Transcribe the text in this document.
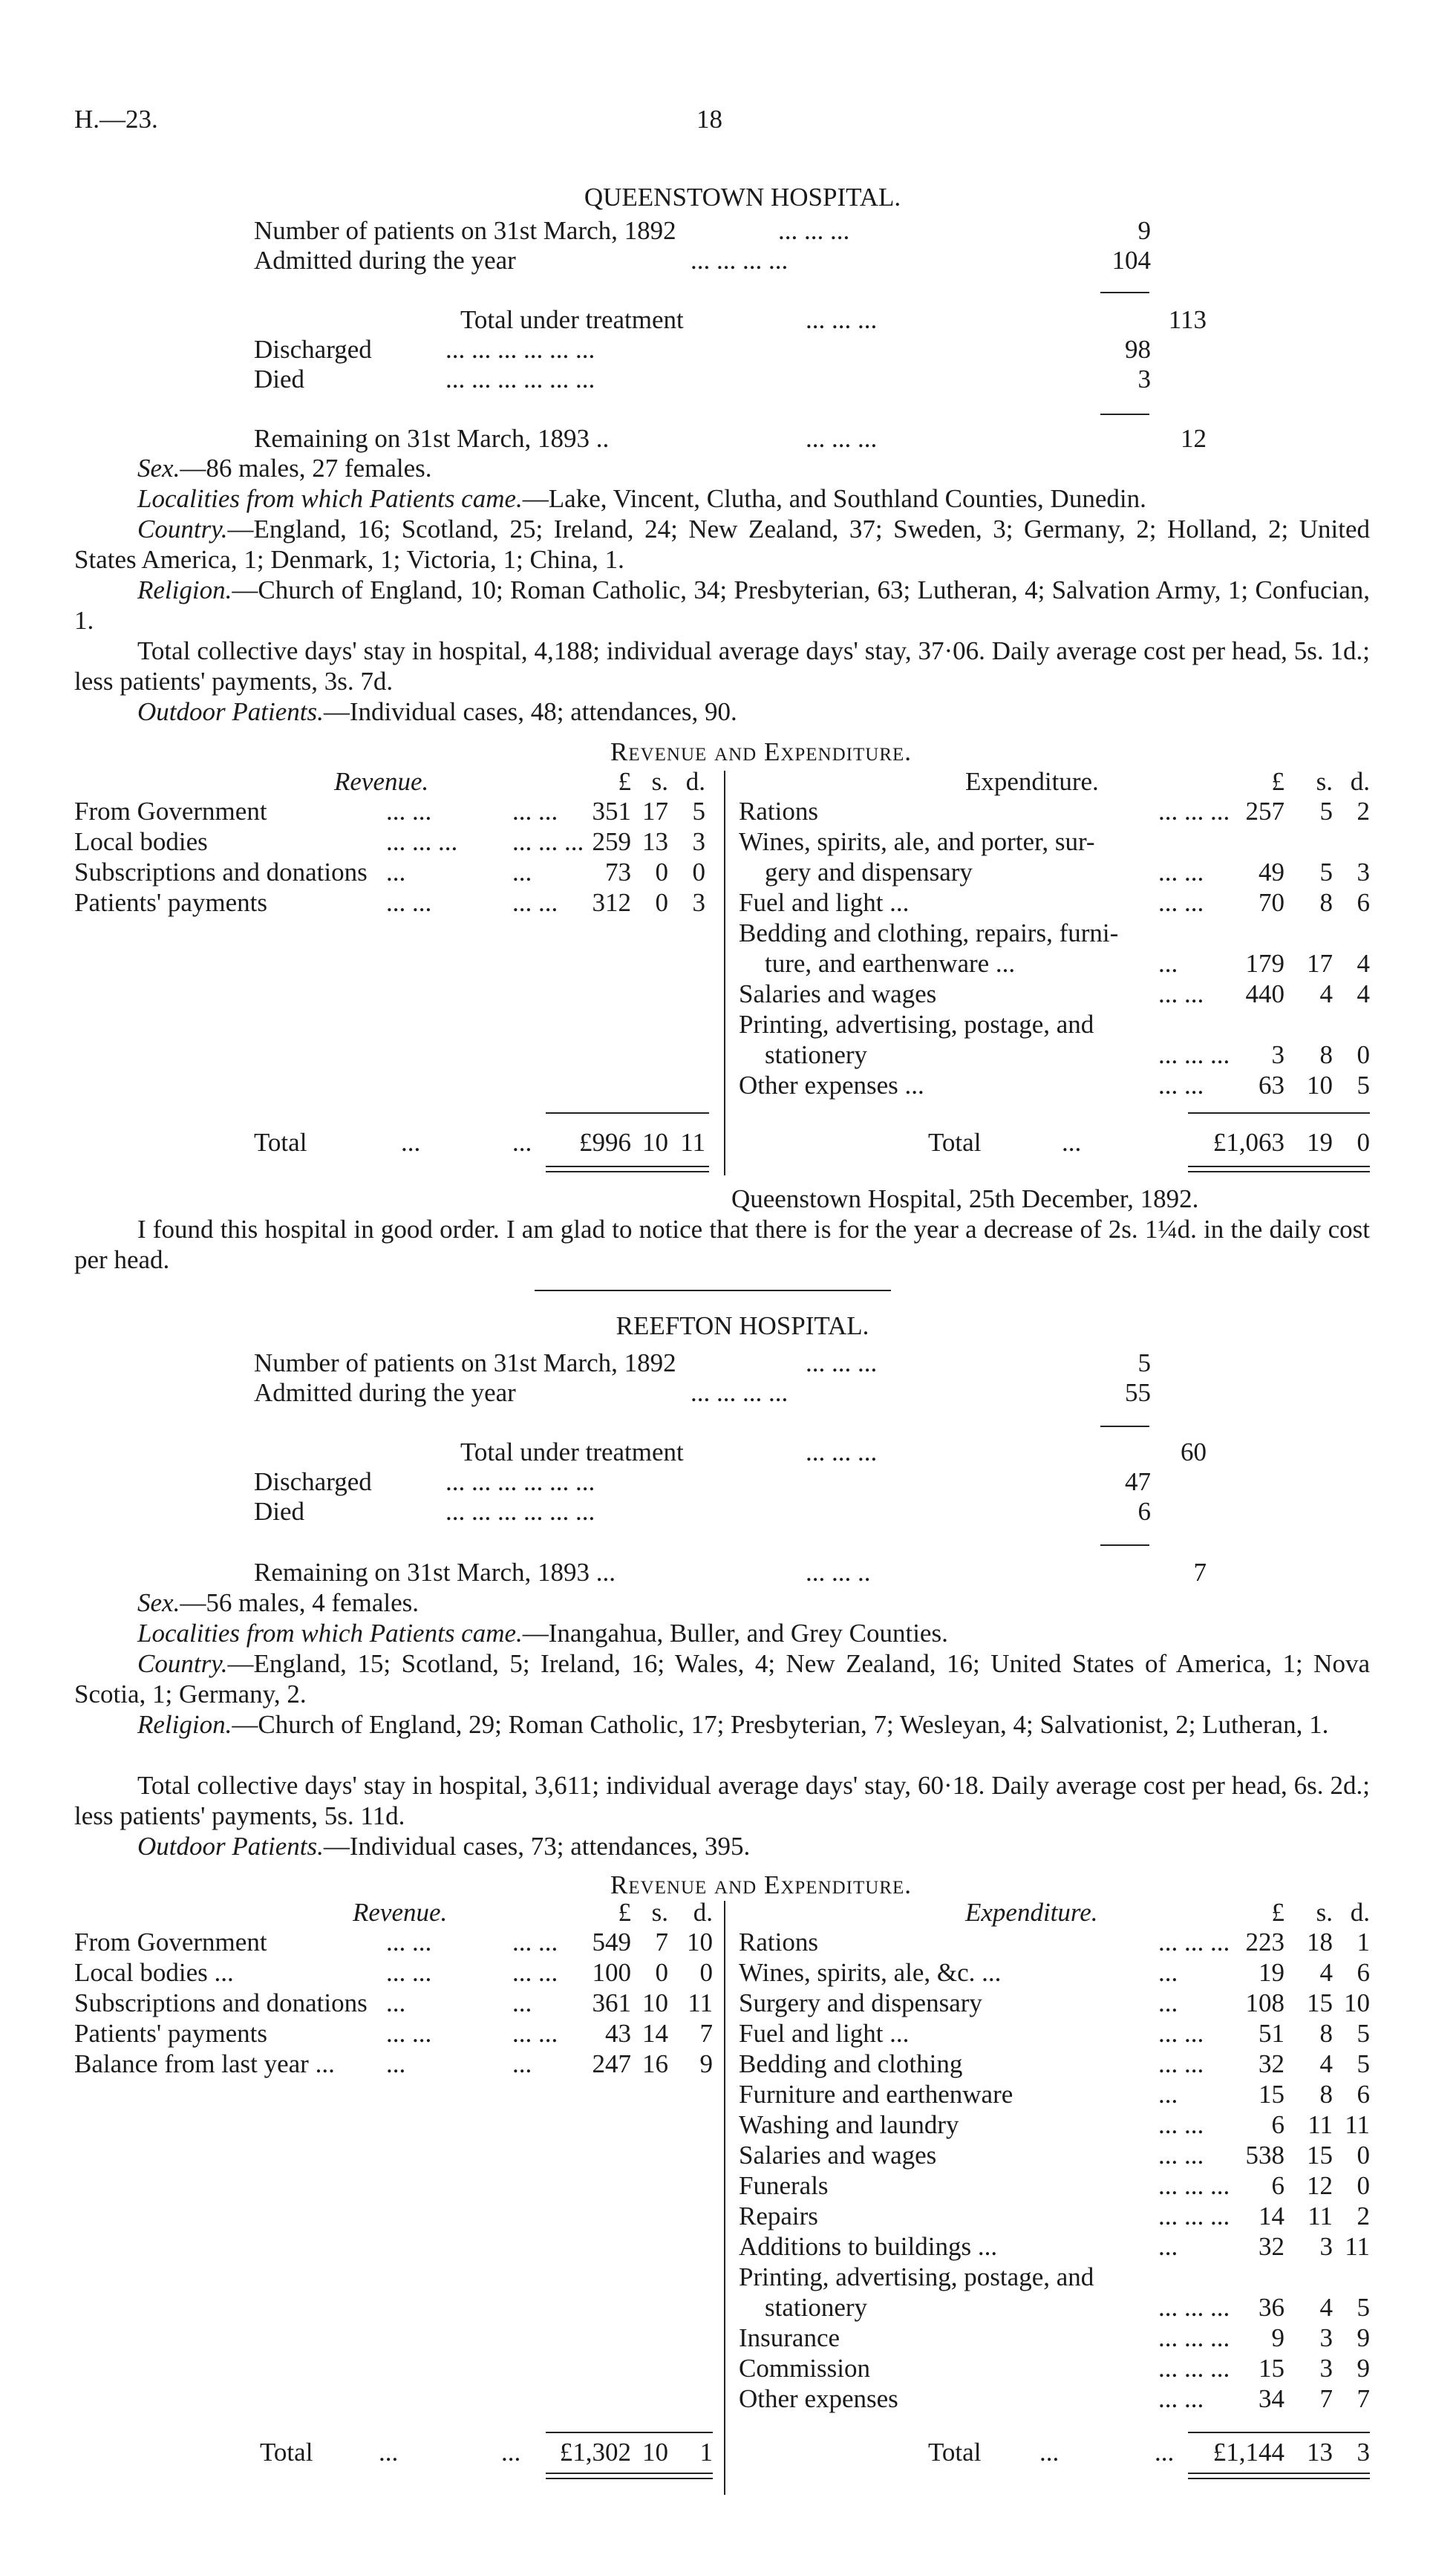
H.—23.	18
QUEENSTOWN HOSPITAL.
Number of patients on 31st March, 1892	... ... ...	9
Admitted during the year	... ... ... ...	104
Total under treatment	... ... ...	113
Discharged	... ... ... ... ... ...	98
Died	... ... ... ... ... ...	3
Remaining on 31st March, 1893 ..	... ... ...	12
Sex.—86 males, 27 females.
Localities from which Patients came.—Lake, Vincent, Clutha, and Southland Counties, Dunedin.
Country.—England, 16; Scotland, 25; Ireland, 24; New Zealand, 37; Sweden, 3; Germany, 2; Holland, 2; United States America, 1; Denmark, 1; Victoria, 1; China, 1.
Religion.—Church of England, 10; Roman Catholic, 34; Presbyterian, 63; Lutheran, 4; Salvation Army, 1; Confucian, 1.
Total collective days' stay in hospital, 4,188; individual average days' stay, 37·06. Daily average cost per head, 5s. 1d.; less patients' payments, 3s. 7d.
Outdoor Patients.—Individual cases, 48; attendances, 90.
Revenue and Expenditure.
Revenue.	Expenditure.
£ s. d.	£	s. d.
From Government	... ...	... ...	351 17 5
Local bodies	... ... ... ... ... ... 259 13 3
Subscriptions and donations ...	...	73 0 0
Patients' payments	... ...	... ...	312 0 3
Rations	... ... ... 257	5 2
Wines, spirits, ale, and porter, sur-
gery and dispensary	... ...	49	5 3
Fuel and light ...	... ...	70	8 6
Bedding and clothing, repairs, furni-
ture, and earthenware ...	...	179 17 4
Salaries and wages	... ...	440	4 4
Printing, advertising, postage, and
stationery	... ... ...	3	8 0
Other expenses ...	... ...	63 10 5
Total	...	...	£996 10 11	Total	...	£1,063 19 0
Queenstown Hospital, 25th December, 1892.
I found this hospital in good order. I am glad to notice that there is for the year a decrease of 2s. 1¼d. in the daily cost per head.
REEFTON HOSPITAL.
Number of patients on 31st March, 1892	... ... ...	5
Admitted during the year	... ... ... ...	55
Total under treatment	... ... ...	60
Discharged	... ... ... ... ... ...	47
Died	... ... ... ... ... ...	6
Remaining on 31st March, 1893 ...	... ... ..	7
Sex.—56 males, 4 females.
Localities from which Patients came.—Inangahua, Buller, and Grey Counties.
Country.—England, 15; Scotland, 5; Ireland, 16; Wales, 4; New Zealand, 16; United States of America, 1; Nova Scotia, 1; Germany, 2.
Religion.—Church of England, 29; Roman Catholic, 17; Presbyterian, 7; Wesleyan, 4; Salvationist, 2; Lutheran, 1.
Total collective days' stay in hospital, 3,611; individual average days' stay, 60·18. Daily average cost per head, 6s. 2d.; less patients' payments, 5s. 11d.
Outdoor Patients.—Individual cases, 73; attendances, 395.
Revenue and Expenditure.
Revenue.	Expenditure.
£ s. d.	£	s. d.
From Government	... ...	... ...	549 7 10
Local bodies ...	... ...	... ...	100 0	0
Subscriptions and donations ...	...	361 10 11
Patients' payments	... ...	... ...	43 14	7
Balance from last year ... ...	...	247 16	9
Rations	... ... ... 223 18 1
Wines, spirits, ale, &c. ...	...	19	4 6
Surgery and dispensary	...	108 15 10
Fuel and light ...	... ...	51	8 5
Bedding and clothing	... ...	32	4 5
Furniture and earthenware	...	15	8 6
Washing and laundry	... ...	6 11 11
Salaries and wages	... ...	538 15 0
Funerals	... ... ...	6 12 0
Repairs	... ... ...	14 11 2
Additions to buildings ...	...	32	3 11
Printing, advertising, postage, and
stationery	... ... ...	36	4 5
Insurance	... ... ...	9	3 9
Commission	... ... ...	15	3 9
Other expenses	... ...	34	7 7
Total	...	...	£1,302 10	1	Total ...	...	£1,144 13 3
